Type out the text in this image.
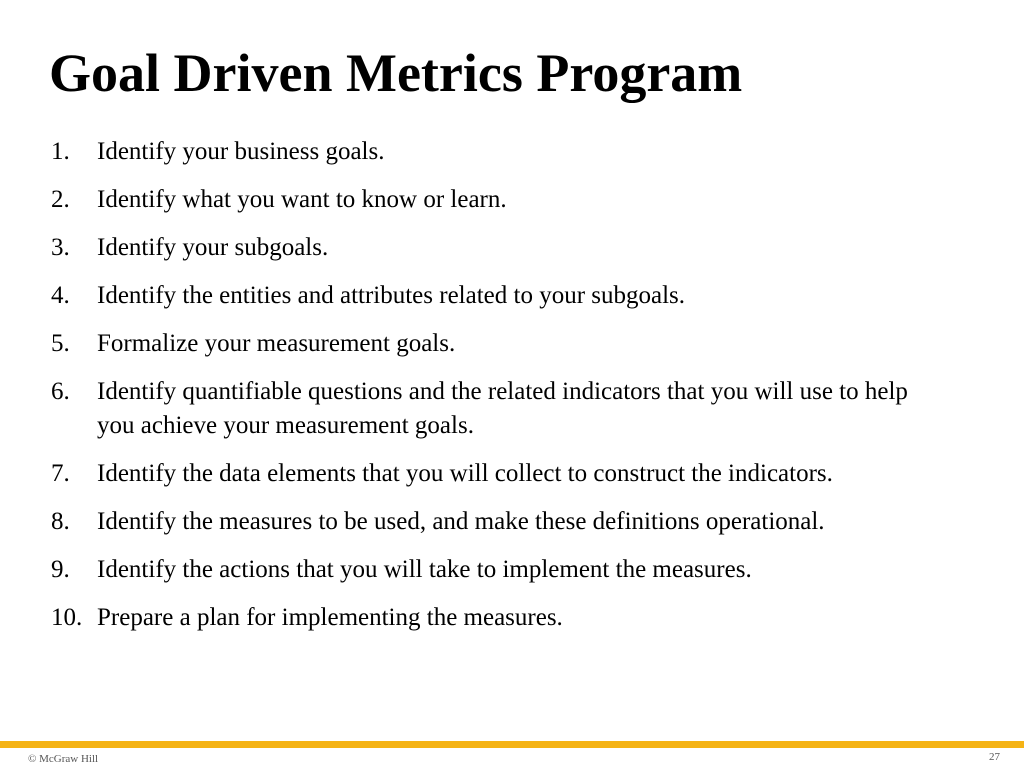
Goal Driven Metrics Program
1.	Identify your business goals.
2.	Identify what you want to know or learn.
3.	Identify your subgoals.
4.	Identify the entities and attributes related to your subgoals.
5.	Formalize your measurement goals.
6.	Identify quantifiable questions and the related indicators that you will use to help you achieve your measurement goals.
7.	Identify the data elements that you will collect to construct the indicators.
8.	Identify the measures to be used, and make these definitions operational.
9.	Identify the actions that you will take to implement the measures.
10. Prepare a plan for implementing the measures.
© McGraw Hill	27
